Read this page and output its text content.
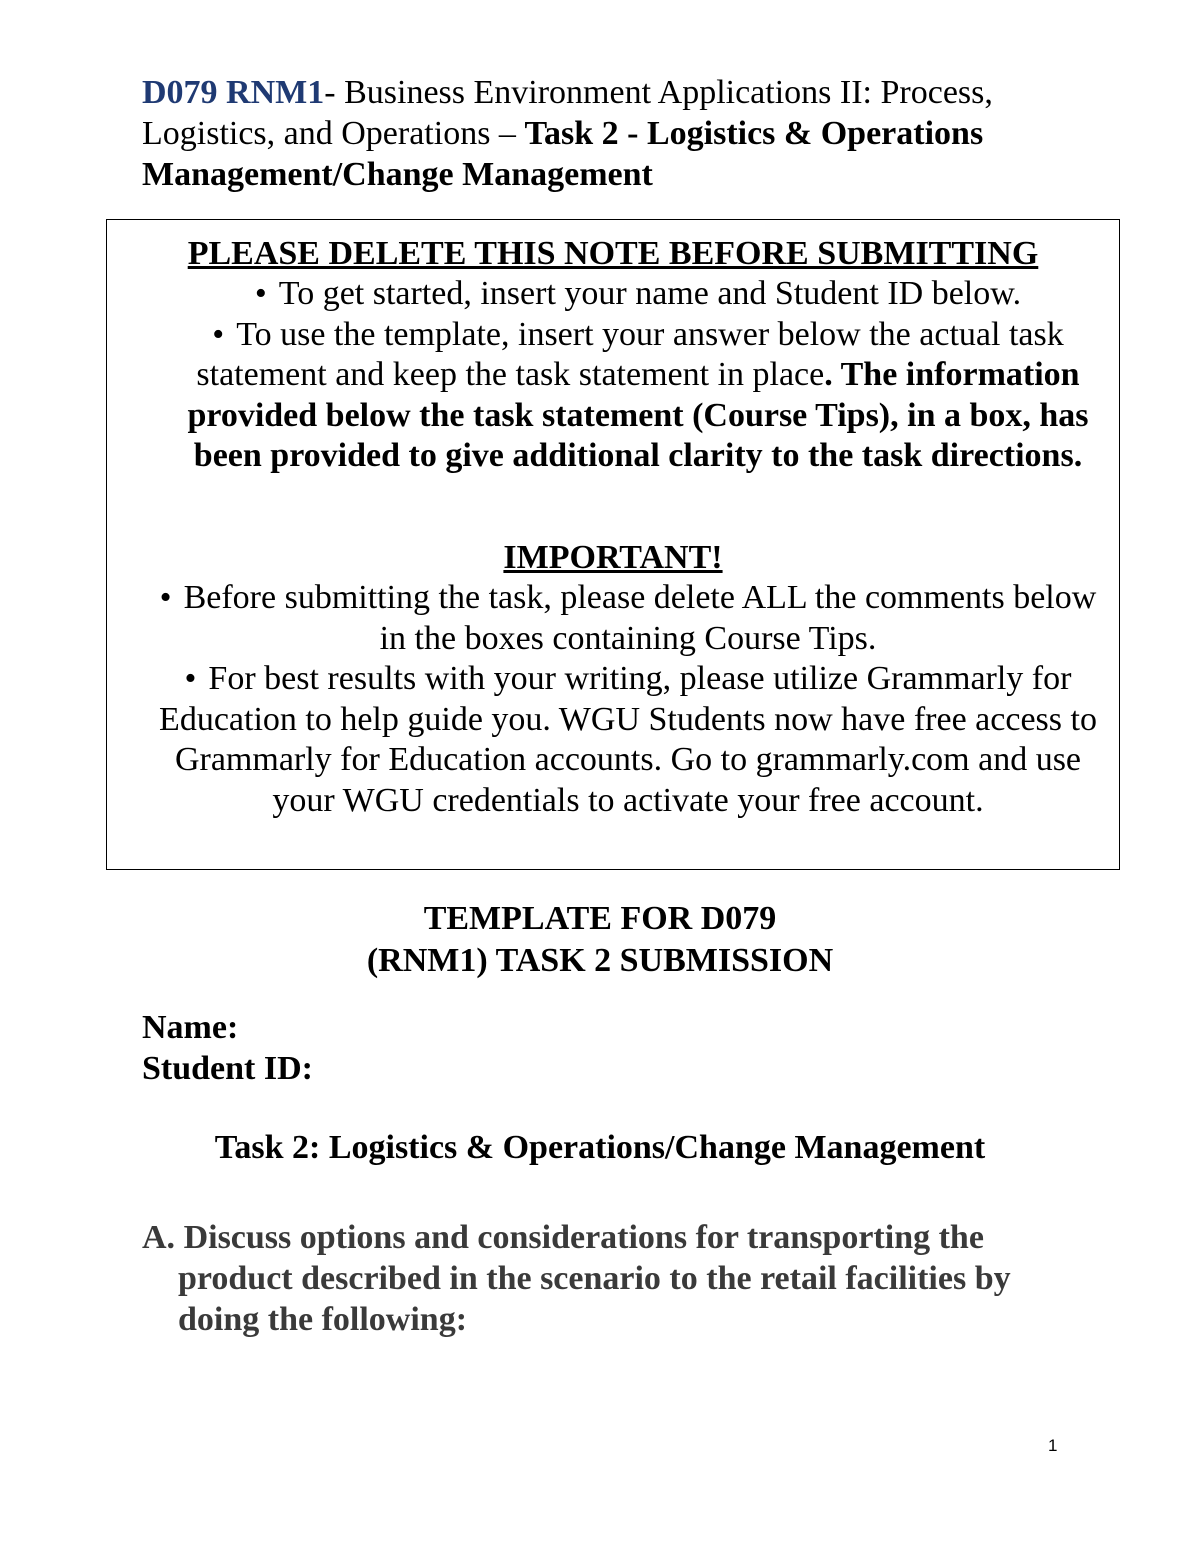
D079 RNM1- Business Environment Applications II: Process, Logistics, and Operations – Task 2 - Logistics & Operations Management/Change Management
PLEASE DELETE THIS NOTE BEFORE SUBMITTING
• To get started, insert your name and Student ID below.
• To use the template, insert your answer below the actual task statement and keep the task statement in place. The information provided below the task statement (Course Tips), in a box, has been provided to give additional clarity to the task directions.
IMPORTANT!
• Before submitting the task, please delete ALL the comments below in the boxes containing Course Tips.
• For best results with your writing, please utilize Grammarly for Education to help guide you. WGU Students now have free access to Grammarly for Education accounts. Go to grammarly.com and use your WGU credentials to activate your free account.
TEMPLATE FOR D079
(RNM1) TASK 2 SUBMISSION
Name:
Student ID:
Task 2: Logistics & Operations/Change Management
A. Discuss options and considerations for transporting the
product described in the scenario to the retail facilities by
doing the following:
1
